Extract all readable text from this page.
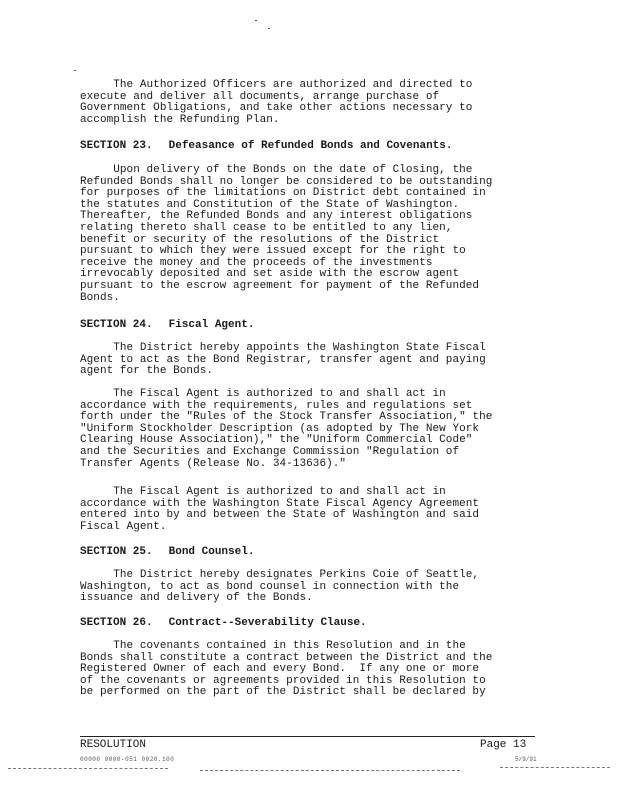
The Authorized Officers are authorized and directed to
execute and deliver all documents, arrange purchase of
Government Obligations, and take other actions necessary to
accomplish the Refunding Plan.

SECTION 23. Defeasance of Refunded Bonds and Covenants.

Upon delivery of the Bonds on the date of Closing, the
Refunded Bonds shall no longer be considered to be outstanding
for purposes of the limitations on District debt contained in
the statutes and Constitution of the State of Washington.
Thereafter, the Refunded Bonds and any interest obligations
relating thereto shall cease to be entitled to any lien,
benefit or security of the resolutions of the District
pursuant to which they were issued except for the right to
receive the money and the proceeds of the investments
irrevocably deposited and set aside with the escrow agent
pursuant to the escrow agreement for payment of the Refunded
Bonds.

SECTION 24. Fiscal Agent.

The District hereby appoints the Washington State Fiscal
Agent to act as the Bond Registrar, transfer agent and paying
agent for the Bonds.

The Fiscal Agent is authorized to and shall act in
accordance with the requirements, rules and regulations set
forth under the "Rules of the Stock Transfer Association," the
"Uniform Stockholder Description (as adopted by The New York
Clearing House Association)," the "Uniform Commercial Code"
and the Securities and Exchange Commission "Regulation of
Transfer Agents (Release No. 34-13636)."

The Fiscal Agent is authorized to and shall act in
accordance with the Washington State Fiscal Agency Agreement
entered into by and between the State of Washington and said
Fiscal Agent.

SECTION 25. Bond Counsel.

The District hereby designates Perkins Coie of Seattle,
Washington, to act as bond counsel in connection with the
issuance and delivery of the Bonds.

SECTION 26. Contract--Severability Clause.

The covenants contained in this Resolution and in the
Bonds shall constitute a contract between the District and the
Registered Owner of each and every Bond.  If any one or more
of the covenants or agreements provided in this Resolution to
be performed on the part of the District shall be declared by

RESOLUTION	Page 13
00000 0000-051 0020.100	5/9/91
